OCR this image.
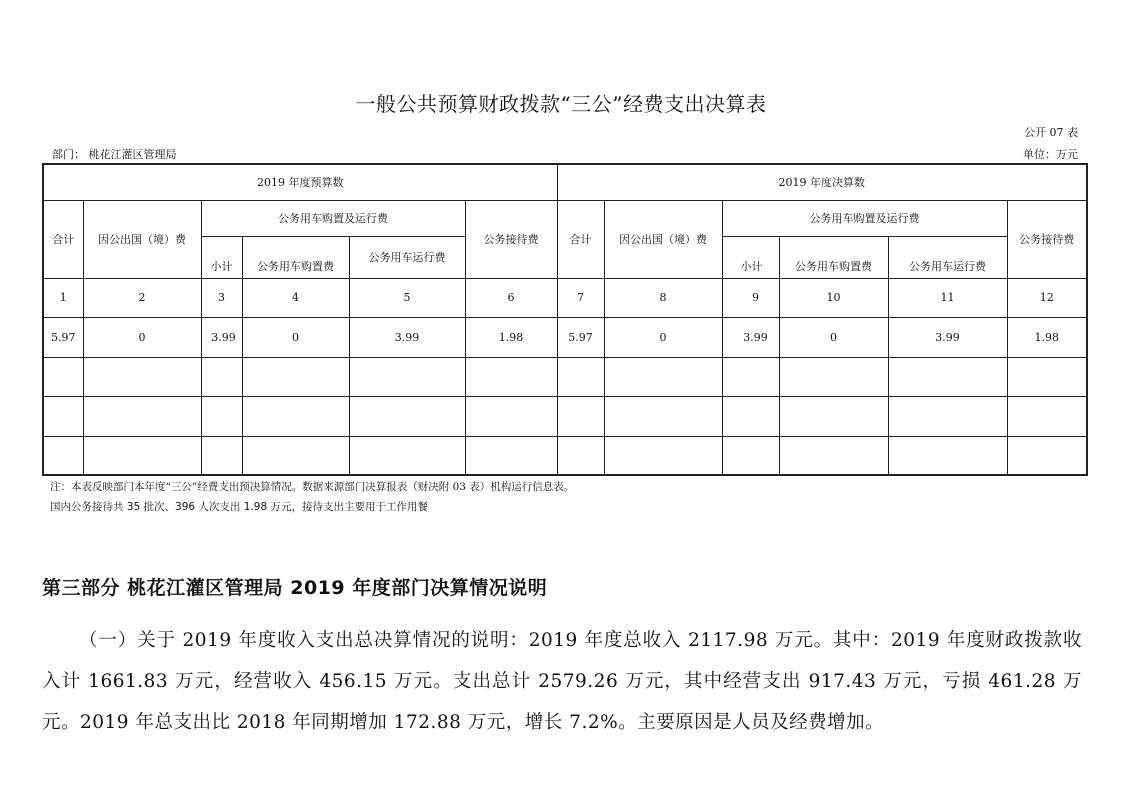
一般公共预算财政拨款“三公”经费支出决算表
公开 07 表
部门： 桃花江灌区管理局	单位：万元
2019 年度预算数						2019 年度决算数					
合计	因公出国（境）费	公务用车购置及运行费			公务接待费	合计	因公出国（境）费	公务用车购置及运行费			公务接待费
		小计	公务用车购置费	公务用车运行费				小计	公务用车购置费	公务用车运行费	
1	2	3	4	5	6	7	8	9	10	11	12
5.97	0	3.99	0	3.99	1.98	5.97	0	3.99	0	3.99	1.98

注：本表反映部门本年度“三公”经费支出预决算情况。数据来源部门决算报表（财决附 03 表）机构运行信息表。
国内公务接待共 35 批次、396 人次支出 1.98 万元，接待支出主要用于工作用餐
第三部分 桃花江灌区管理局 2019 年度部门决算情况说明
（一）关于 2019 年度收入支出总决算情况的说明：2019 年度总收入 2117.98 万元。其中：2019 年度财政拨款收入计 1661.83 万元，经营收入 456.15 万元。支出总计 2579.26 万元，其中经营支出 917.43 万元，亏损 461.28 万元。2019 年总支出比 2018 年同期增加 172.88 万元，增长 7.2%。主要原因是人员及经费增加。
